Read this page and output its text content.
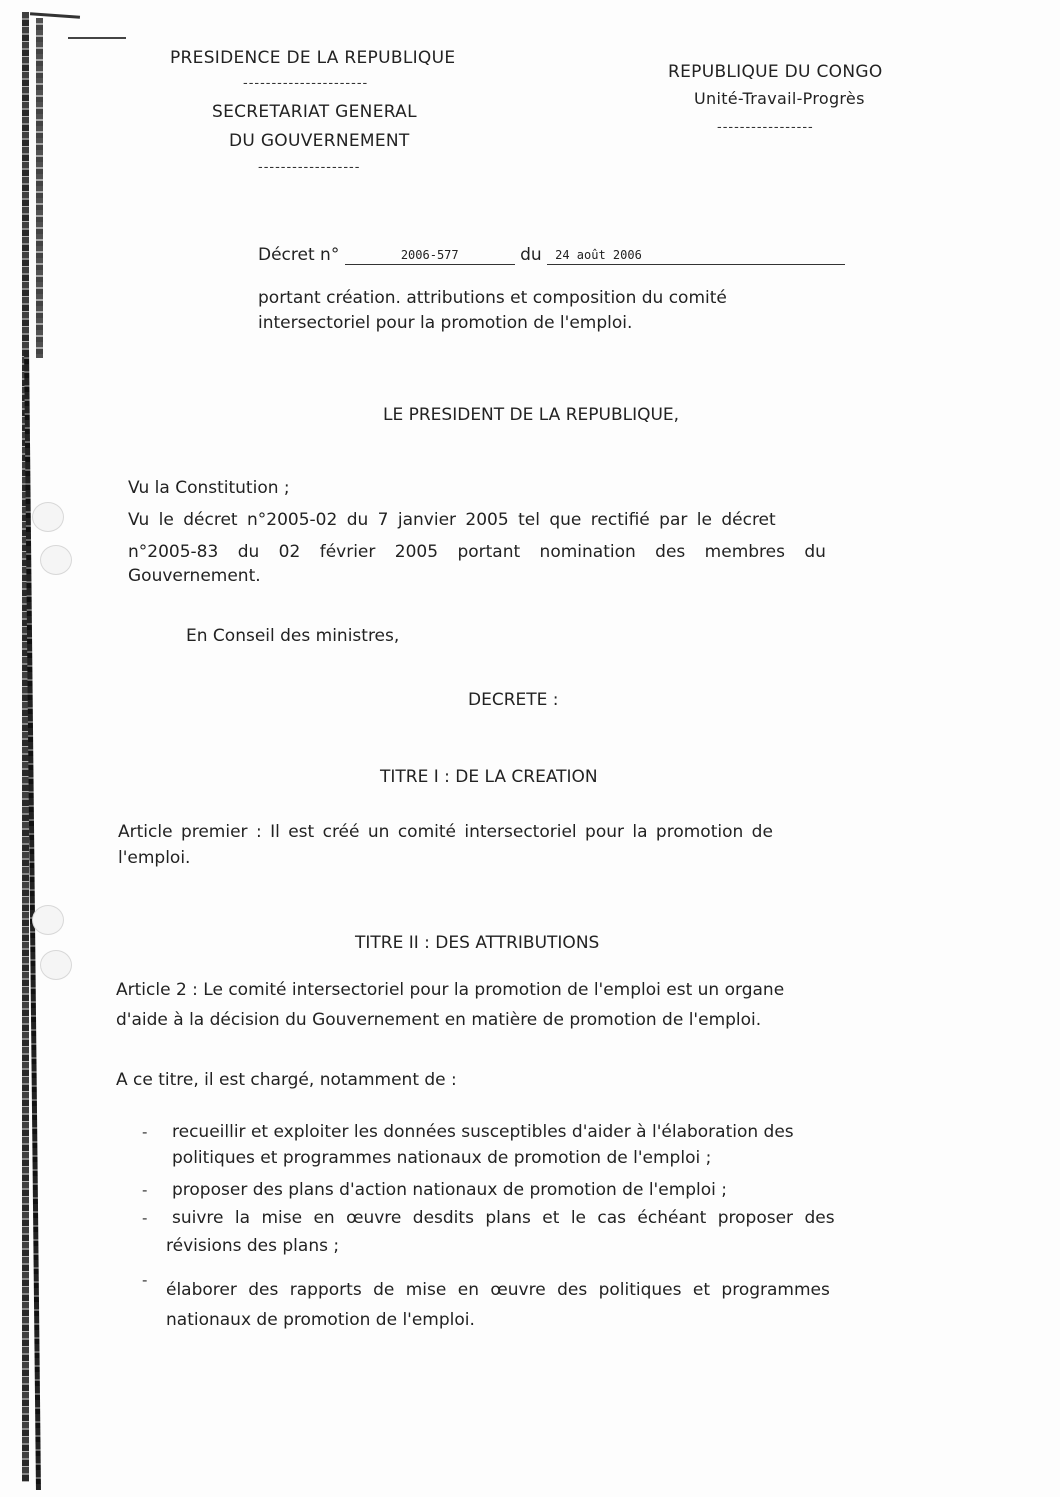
PRESIDENCE DE LA REPUBLIQUE
----------------------
SECRETARIAT GENERAL
DU GOUVERNEMENT
------------------
REPUBLIQUE DU CONGO
Unité-Travail-Progrès
-----------------
Décret n°	2006-577	du 24 août 2006
portant création. attributions et composition du comité
intersectoriel pour la promotion de l'emploi.
LE PRESIDENT DE LA REPUBLIQUE,
Vu la Constitution ;
Vu le décret n°2005-02 du 7 janvier 2005 tel que rectifié par le décret
n°2005-83 du 02 février 2005 portant nomination des membres du
Gouvernement.
En Conseil des ministres,
DECRETE :
TITRE I : DE LA CREATION
Article premier : Il est créé un comité intersectoriel pour la promotion de
l'emploi.
TITRE II : DES ATTRIBUTIONS
Article 2 : Le comité intersectoriel pour la promotion de l'emploi est un organe
d'aide à la décision du Gouvernement en matière de promotion de l'emploi.
A ce titre, il est chargé, notamment de :
- recueillir et exploiter les données susceptibles d'aider à l'élaboration des
politiques et programmes nationaux de promotion de l'emploi ;
- proposer des plans d'action nationaux de promotion de l'emploi ;
- suivre la mise en œuvre desdits plans et le cas échéant proposer des
révisions des plans ;
- élaborer des rapports de mise en œuvre des politiques et programmes
nationaux de promotion de l'emploi.
